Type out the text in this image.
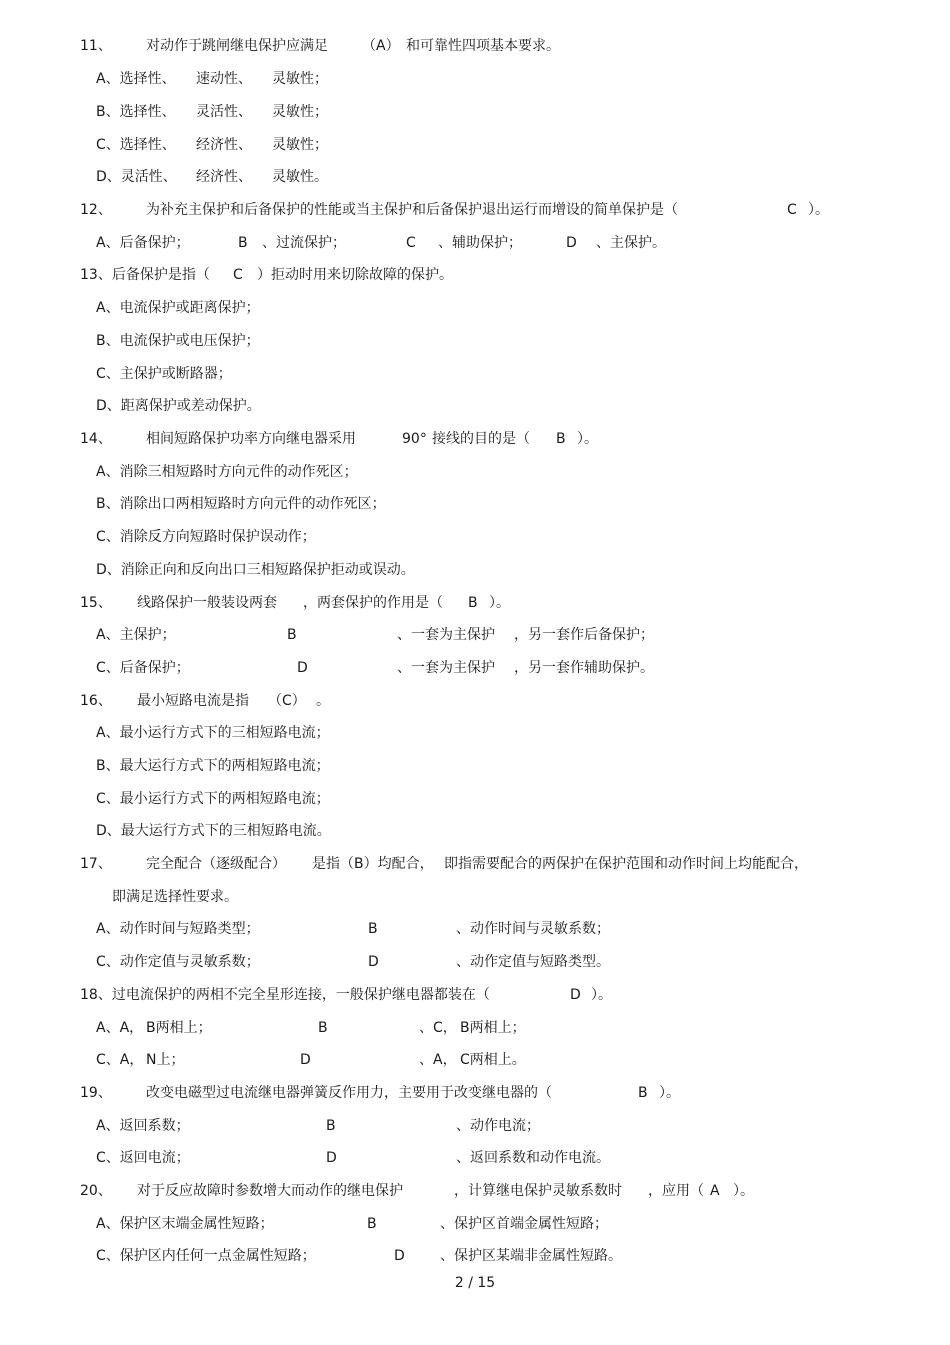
11、 对动作于跳闸继电保护应满足 （A） 和可靠性四项基本要求。
A、选择性、 速动性、 灵敏性；
B、选择性、 灵活性、 灵敏性；
C、选择性、 经济性、 灵敏性；
D、灵活性、 经济性、 灵敏性。
12、 为补充主保护和后备保护的性能或当主保护和后备保护退出运行而增设的简单保护是（	C ）。
A、后备保护；	B 、过流保护；	C 、辅助保护；	D 、主保护。
13、后备保护是指（ C ）拒动时用来切除故障的保护。
A、电流保护或距离保护；
B、电流保护或电压保护；
C、主保护或断路器；
D、距离保护或差动保护。
14、 相间短路保护功率方向继电器采用	90° 接线的目的是（ B ）。
A、消除三相短路时方向元件的动作死区；
B、消除出口两相短路时方向元件的动作死区；
C、消除反方向短路时保护误动作；
D、消除正向和反向出口三相短路保护拒动或误动。
15、 线路保护一般装设两套 ，两套保护的作用是（ B ）。
A、主保护；	B	、一套为主保护 ，另一套作后备保护；
C、后备保护；	D	、一套为主保护 ，另一套作辅助保护。
16、 最小短路电流是指 （C） 。
A、最小运行方式下的三相短路电流；
B、最大运行方式下的两相短路电流；
C、最小运行方式下的两相短路电流；
D、最大运行方式下的三相短路电流。
17、 完全配合（逐级配合） 是指（B）均配合， 即指需要配合的两保护在保护范围和动作时间上均能配合，
即满足选择性要求。
A、动作时间与短路类型；	B	、动作时间与灵敏系数；
C、动作定值与灵敏系数；	D	、动作定值与短路类型。
18、过电流保护的两相不完全星形连接，一般保护继电器都装在（	D ）。
A、A， B两相上；	B	、C， B两相上；
C、A， N上；	D	、A， C两相上。
19、 改变电磁型过电流继电器弹簧反作用力，主要用于改变继电器的（	B ）。
A、返回系数；	B	、动作电流；
C、返回电流；	D	、返回系数和动作电流。
20、 对于反应故障时参数增大而动作的继电保护	，计算继电保护灵敏系数时 ，应用（ A ）。
A、保护区末端金属性短路；	B	、保护区首端金属性短路；
C、保护区内任何一点金属性短路；	D	、保护区某端非金属性短路。
2 / 15
